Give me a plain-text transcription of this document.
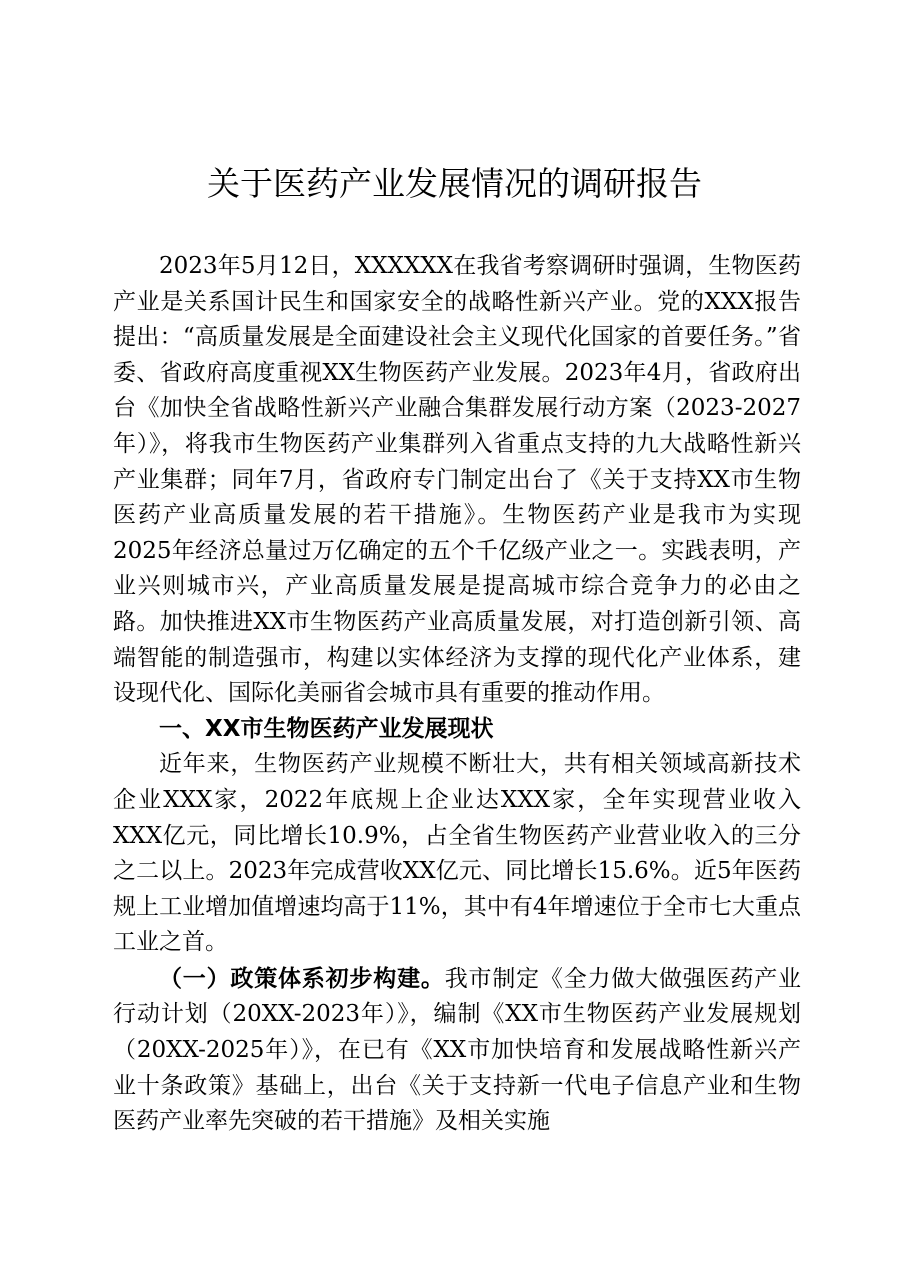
关于医药产业发展情况的调研报告

2023年5月12日，XXXXXX在我省考察调研时强调，生物医药产业是关系国计民生和国家安全的战略性新兴产业。党的XXX报告提出：“高质量发展是全面建设社会主义现代化国家的首要任务。”省委、省政府高度重视XX生物医药产业发展。2023年4月，省政府出台《加快全省战略性新兴产业融合集群发展行动方案（2023-2027年）》，将我市生物医药产业集群列入省重点支持的九大战略性新兴产业集群；同年7月，省政府专门制定出台了《关于支持XX市生物医药产业高质量发展的若干措施》。生物医药产业是我市为实现2025年经济总量过万亿确定的五个千亿级产业之一。实践表明，产业兴则城市兴，产业高质量发展是提高城市综合竞争力的必由之路。加快推进XX市生物医药产业高质量发展，对打造创新引领、高端智能的制造强市，构建以实体经济为支撑的现代化产业体系，建设现代化、国际化美丽省会城市具有重要的推动作用。

一、XX市生物医药产业发展现状

近年来，生物医药产业规模不断壮大，共有相关领域高新技术企业XXX家，2022年底规上企业达XXX家，全年实现营业收入XXX亿元，同比增长10.9%，占全省生物医药产业营业收入的三分之二以上。2023年完成营收XX亿元、同比增长15.6%。近5年医药规上工业增加值增速均高于11%，其中有4年增速位于全市七大重点工业之首。

（一）政策体系初步构建。我市制定《全力做大做强医药产业行动计划（20XX-2023年）》，编制《XX市生物医药产业发展规划（20XX-2025年）》，在已有《XX市加快培育和发展战略性新兴产业十条政策》基础上，出台《关于支持新一代电子信息产业和生物医药产业率先突破的若干措施》及相关实施
